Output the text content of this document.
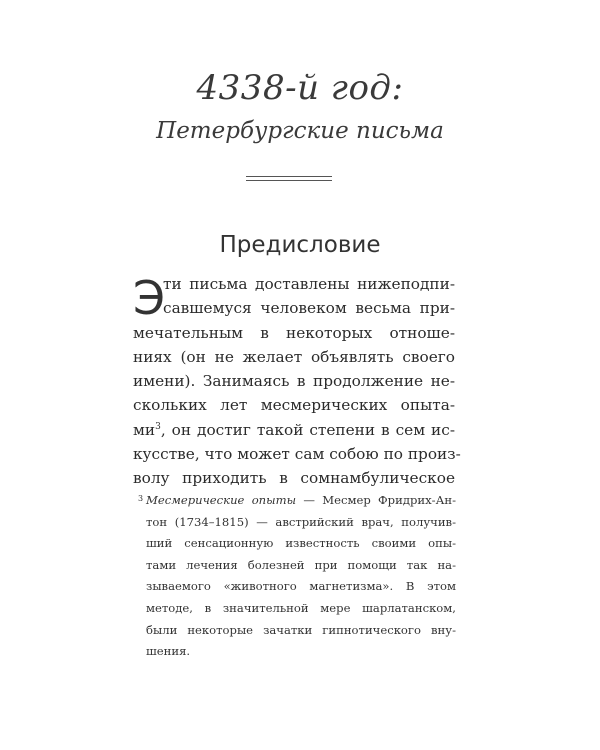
4338-й год:
Петербургские письма
Предисловие
Э
ти письма доставлены нижеподпи-
савшемуся человеком весьма при-
мечательным в некоторых отноше-
ниях (он не желает объявлять своего
имени). Занимаясь в продолжение не-
скольких лет месмерических опыта-
ми$^3$, он достиг такой степени в сем ис-
кусстве, что может сам собою по произ-
волу приходить в сомнамбулическое
3 Месмерические опыты — Месмер Фридрих-Ан-
тон (1734–1815) — австрийский врач, получив-
ший сенсационную известность своими опы-
тами лечения болезней при помощи так на-
зываемого «животного магнетизма». В этом
методе, в значительной мере шарлатанском,
были некоторые зачатки гипнотического вну-
шения.
